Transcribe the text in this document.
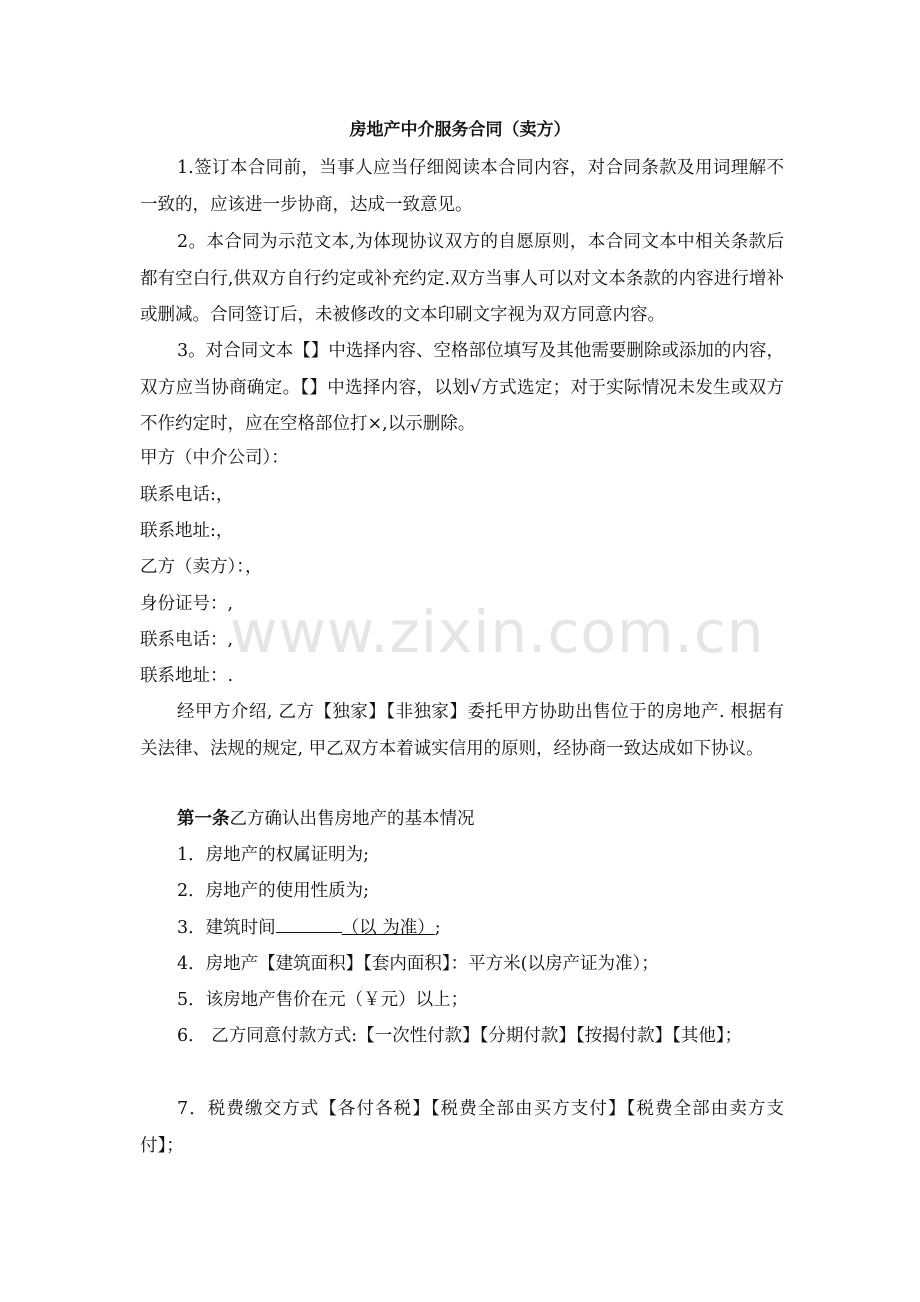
房地产中介服务合同（卖方）

1.签订本合同前，当事人应当仔细阅读本合同内容，对合同条款及用词理解不一致的，应该进一步协商，达成一致意见。

2。本合同为示范文本,为体现协议双方的自愿原则，本合同文本中相关条款后都有空白行,供双方自行约定或补充约定.双方当事人可以对文本条款的内容进行增补或删减。合同签订后，未被修改的文本印刷文字视为双方同意内容。

3。对合同文本【】中选择内容、空格部位填写及其他需要删除或添加的内容，双方应当协商确定。【】中选择内容，以划√方式选定；对于实际情况未发生或双方不作约定时，应在空格部位打×,以示删除。

甲方（中介公司）：

联系电话:，

联系地址:，

乙方（卖方）：，

身份证号：,

联系电话：,

联系地址：.

经甲方介绍, 乙方【独家】【非独家】委托甲方协助出售位于的房地产. 根据有关法律、法规的规定, 甲乙双方本着诚实信用的原则，经协商一致达成如下协议。

第一条乙方确认出售房地产的基本情况

1．房地产的权属证明为;

2．房地产的使用性质为;

3．建筑时间	（以 为准）;

4．房地产【建筑面积】【套内面积】：平方米(以房产证为准）；

5．该房地产售价在元（￥元）以上；

6． 乙方同意付款方式:【一次性付款】【分期付款】【按揭付款】【其他】；

7．税费缴交方式【各付各税】【税费全部由买方支付】【税费全部由卖方支付】；

www.zixin.com.cn
